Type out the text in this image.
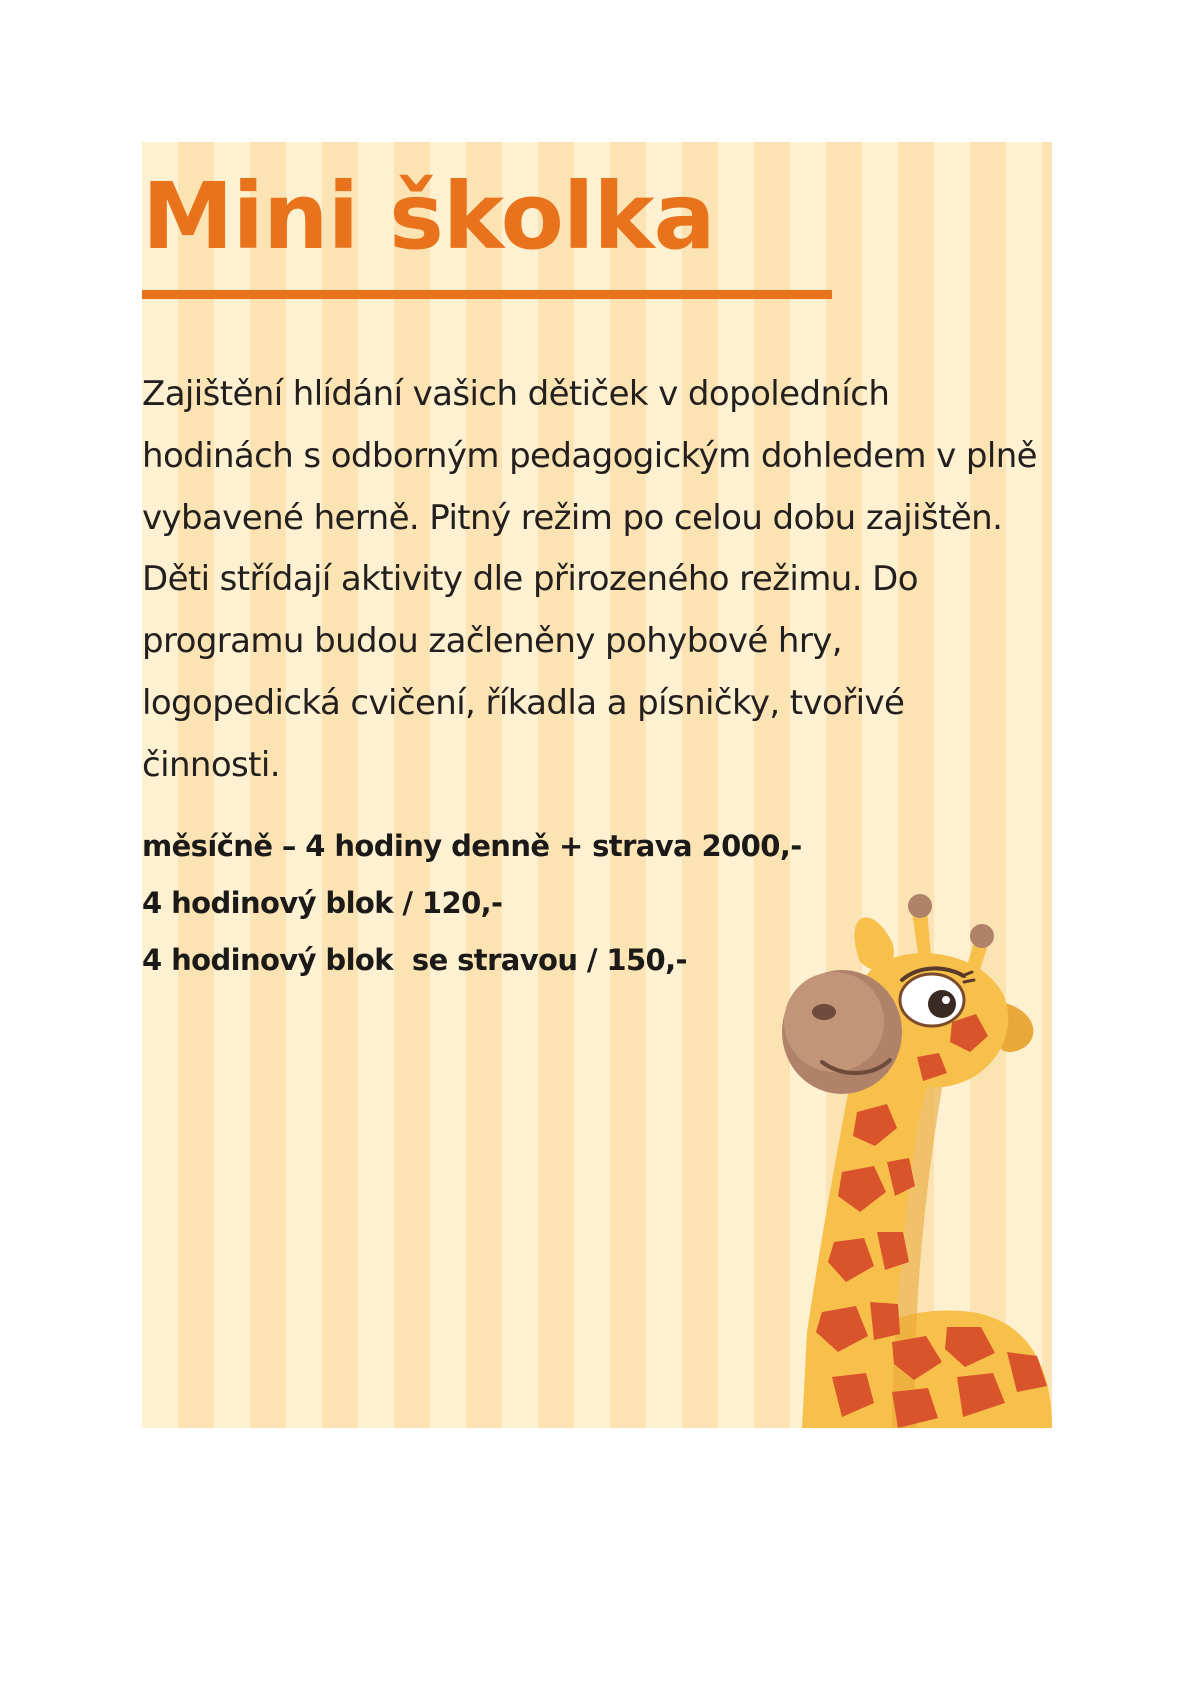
Mini školka

Zajištění hlídání vašich dětiček v dopoledních hodinách s odborným pedagogickým dohledem v plně vybavené herně. Pitný režim po celou dobu zajištěn. Děti střídají aktivity dle přirozeného režimu. Do programu budou začleněny pohybové hry, logopedická cvičení, říkadla a písničky, tvořivé činnosti.

měsíčně – 4 hodiny denně + strava 2000,-
4 hodinový blok / 120,-
4 hodinový blok  se stravou / 150,-
